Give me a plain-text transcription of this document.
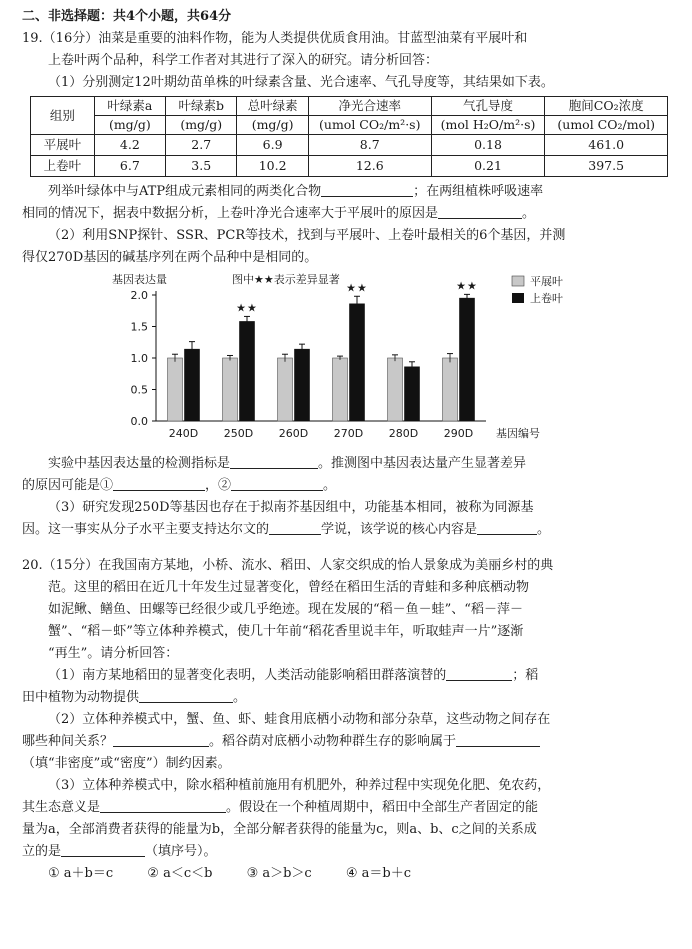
二、非选择题：共4个小题，共64分

19.（16分）油菜是重要的油料作物，能为人类提供优质食用油。甘蓝型油菜有平展叶和

上卷叶两个品种，科学工作者对其进行了深入的研究。请分析回答：

（1）分别测定12叶期幼苗单株的叶绿素含量、光合速率、气孔导度等，其结果如下表。

组别	叶绿素a	叶绿素b	总叶绿素	净光合速率	气孔导度	胞间CO₂浓度
	(mg/g)	(mg/g)	(mg/g)	(umol CO₂/m²·s)	(mol H₂O/m²·s)	(umol CO₂/mol)
平展叶	4.2	2.7	6.9	8.7	0.18	461.0
上卷叶	6.7	3.5	10.2	12.6	0.21	397.5

列举叶绿体中与ATP组成元素相同的两类化合物	；在两组植株呼吸速率

相同的情况下，据表中数据分析，上卷叶净光合速率大于平展叶的原因是	。

（2）利用SNP探针、SSR、PCR等技术，找到与平展叶、上卷叶最相关的6个基因，并测

得仅270D基因的碱基序列在两个品种中是相同的。

基因表达量	图中★★表示差异显著
基因编号
平展叶
上卷叶
0.0
0.5
1.0
1.5
2.0
240D 250D
★★
260D 270D
★★
280D 290D
★★

实验中基因表达量的检测指标是	。推测图中基因表达量产生显著差异

的原因可能是①	，②	。

（3）研究发现250D等基因也存在于拟南芥基因组中，功能基本相同，被称为同源基

因。这一事实从分子水平主要支持达尔文的	学说，该学说的核心内容是	。

20.（15分）在我国南方某地，小桥、流水、稻田、人家交织成的怡人景象成为美丽乡村的典

范。这里的稻田在近几十年发生过显著变化，曾经在稻田生活的青蛙和多种底栖动物

如泥鳅、鳝鱼、田螺等已经很少或几乎绝迹。现在发展的“稻－鱼－蛙”、“稻－萍－

蟹”、“稻－虾”等立体种养模式，使几十年前“稻花香里说丰年，听取蛙声一片”逐渐

“再生”。请分析回答：

（1）南方某地稻田的显著变化表明，人类活动能影响稻田群落演替的	；稻

田中植物为动物提供	。

（2）立体种养模式中，蟹、鱼、虾、蛙食用底栖小动物和部分杂草，这些动物之间存在

哪些种间关系？	。稻谷荫对底栖小动物种群生存的影响属于

（填“非密度”或“密度”）制约因素。

（3）立体种养模式中，除水稻种植前施用有机肥外，种养过程中实现免化肥、免农药，

其生态意义是	。假设在一个种植周期中，稻田中全部生产者固定的能

量为a，全部消费者获得的能量为b，全部分解者获得的能量为c，则a、b、c之间的关系成

立的是	（填序号）。

① a＋b＝c	② a＜c＜b	③ a＞b＞c	④ a＝b＋c
